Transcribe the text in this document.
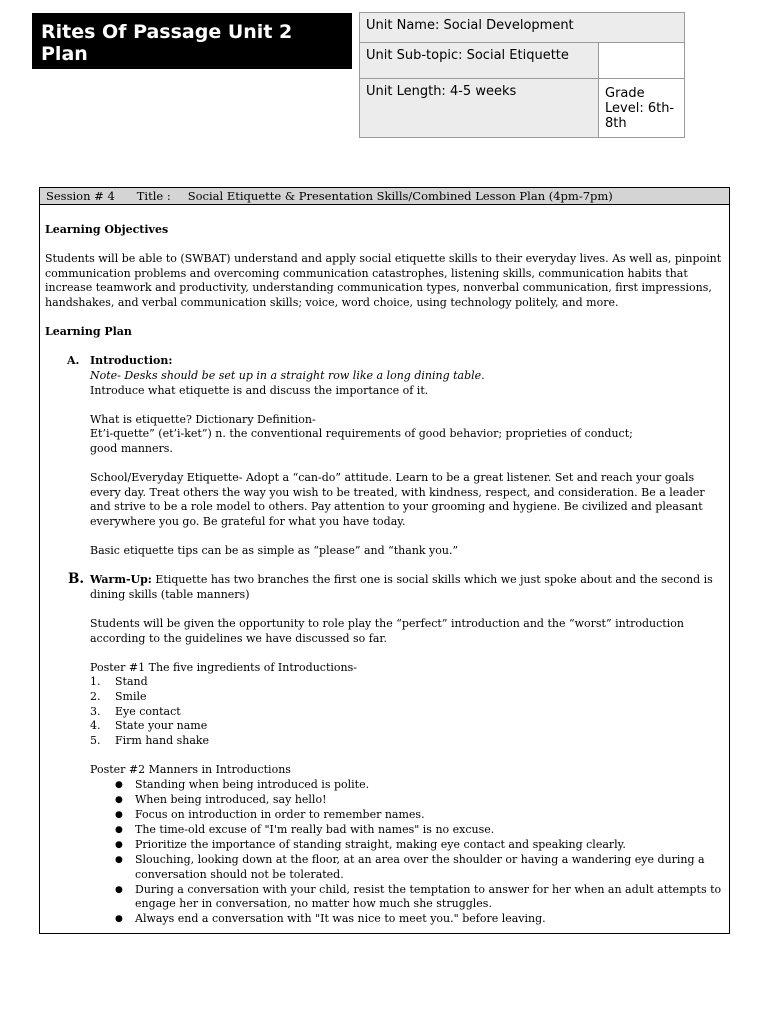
Rites Of Passage Unit 2 Plan
Unit Name: Social Development	
Unit Sub-topic: Social Etiquette	
Unit Length: 4-5 weeks	Grade Level: 6th-8th
Session # 4 Title : Social Etiquette & Presentation Skills/Combined Lesson Plan (4pm-7pm)

Learning Objectives

Students will be able to (SWBAT) understand and apply social etiquette skills to their everyday lives. As well as, pinpoint communication problems and overcoming communication catastrophes, listening skills, communication habits that increase teamwork and productivity, understanding communication types, nonverbal communication, first impressions, handshakes, and verbal communication skills; voice, word choice, using technology politely, and more.

Learning Plan

A. Introduction:

Note- Desks should be set up in a straight row like a long dining table.

Introduce what etiquette is and discuss the importance of it.

What is etiquette? Dictionary Definition-

Et’i-quette” (et’i-ket”) n. the conventional requirements of good behavior; proprieties of conduct;

good manners.

School/Everyday Etiquette- Adopt a “can-do” attitude. Learn to be a great listener. Set and reach your goals every day. Treat others the way you wish to be treated, with kindness, respect, and consideration. Be a leader and strive to be a role model to others. Pay attention to your grooming and hygiene. Be civilized and pleasant everywhere you go. Be grateful for what you have today.

Basic etiquette tips can be as simple as “please” and “thank you.”

B. Warm-Up: Etiquette has two branches the first one is social skills which we just spoke about and the second is dining skills (table manners)

Students will be given the opportunity to role play the “perfect” introduction and the “worst” introduction according to the guidelines we have discussed so far.

Poster #1 The five ingredients of Introductions-

1. Stand
2. Smile
3. Eye contact
4. State your name
5. Firm hand shake

Poster #2 Manners in Introductions

● Standing when being introduced is polite.
● When being introduced, say hello!
● Focus on introduction in order to remember names.
● The time-old excuse of "I'm really bad with names" is no excuse.
● Prioritize the importance of standing straight, making eye contact and speaking clearly.
● Slouching, looking down at the floor, at an area over the shoulder or having a wandering eye during a conversation should not be tolerated.
● During a conversation with your child, resist the temptation to answer for her when an adult attempts to engage her in conversation, no matter how much she struggles.
● Always end a conversation with "It was nice to meet you." before leaving.
